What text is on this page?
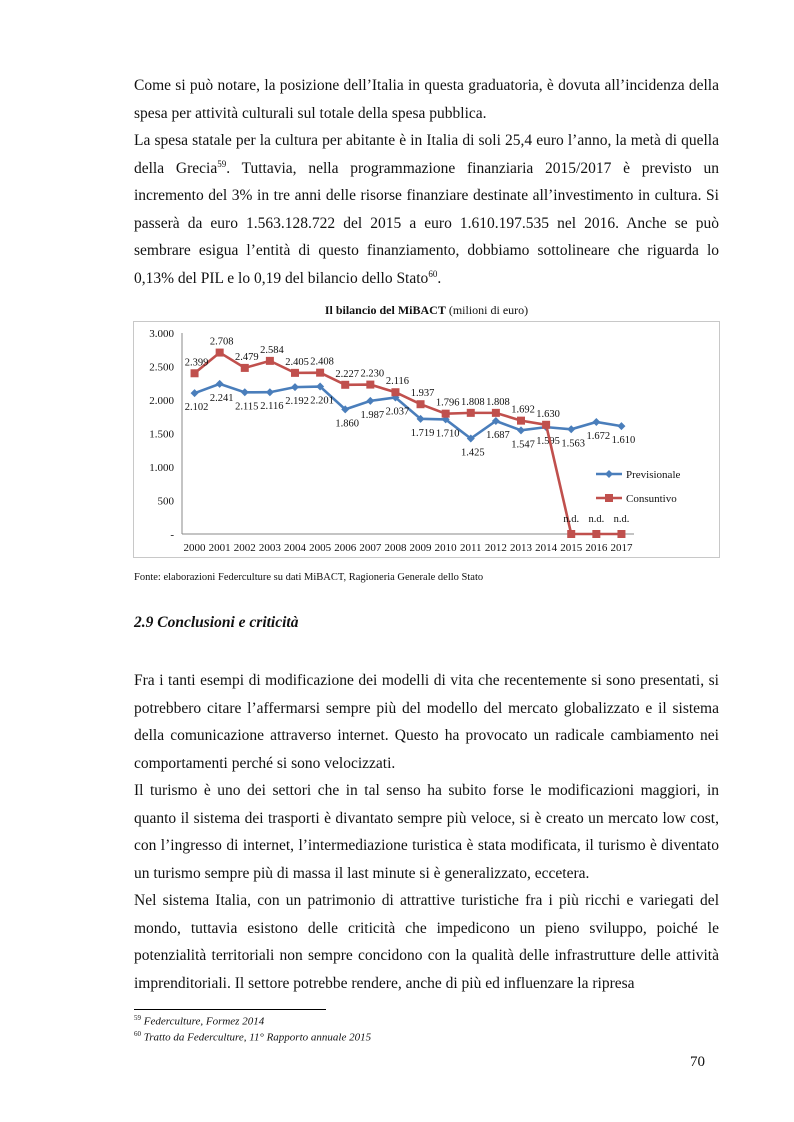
Come si può notare, la posizione dell’Italia in questa graduatoria, è dovuta all’incidenza della spesa per attività culturali sul totale della spesa pubblica.

La spesa statale per la cultura per abitante è in Italia di soli 25,4 euro l’anno, la metà di quella della Grecia$^{59}$. Tuttavia, nella programmazione finanziaria 2015/2017 è previsto un incremento del 3% in tre anni delle risorse finanziare destinate all’investimento in cultura. Si passerà da euro 1.563.128.722 del 2015 a euro 1.610.197.535 nel 2016. Anche se può sembrare esigua l’entità di questo finanziamento, dobbiamo sottolineare che riguarda lo 0,13% del PIL e lo 0,19 del bilancio dello Stato$^{60}$.

Il bilancio del MiBACT (milioni di euro)
-
500
1.000
1.500
2.000
2.500
3.000
2000 2001 2002 2003 2004 2005 2006 2007 2008 2009 2010 2011 2012 2013 2014 2015 2016 2017
2.102
2.241
2.115 2.116 2.192 2.201
1.860
1.987 2.037
1.719 1.710
1.425
1.687
1.547 1.595 1.563
1.672 1.610
2.399
2.708
2.479
2.584
2.405 2.408
2.227 2.230
2.116
1.937
1.796 1.808 1.808
1.692 1.630
n.d. n.d. n.d.
Previsionale
Consuntivo
Fonte: elaborazioni Federculture su dati MiBACT, Ragioneria Generale dello Stato
2.9 Conclusioni e criticità

Fra i tanti esempi di modificazione dei modelli di vita che recentemente si sono presentati, si potrebbero citare l’affermarsi sempre più del modello del mercato globalizzato e il sistema della comunicazione attraverso internet. Questo ha provocato un radicale cambiamento nei comportamenti perché si sono velocizzati.

Il turismo è uno dei settori che in tal senso ha subito forse le modificazioni maggiori, in quanto il sistema dei trasporti è divantato sempre più veloce, si è creato un mercato low cost, con l’ingresso di internet, l’intermediazione turistica è stata modificata, il turismo è diventato un turismo sempre più di massa il last minute si è generalizzato, eccetera.

Nel sistema Italia, con un patrimonio di attrattive turistiche fra i più ricchi e variegati del mondo, tuttavia esistono delle criticità che impedicono un pieno sviluppo, poiché le potenzialità territoriali non sempre concidono con la qualità delle infrastrutture delle attività imprenditoriali. Il settore potrebbe rendere, anche di più ed influenzare la ripresa

$^{59}$ Federculture, Formez 2014
$^{60}$ Tratto da Federculture, 11° Rapporto annuale 2015
70
